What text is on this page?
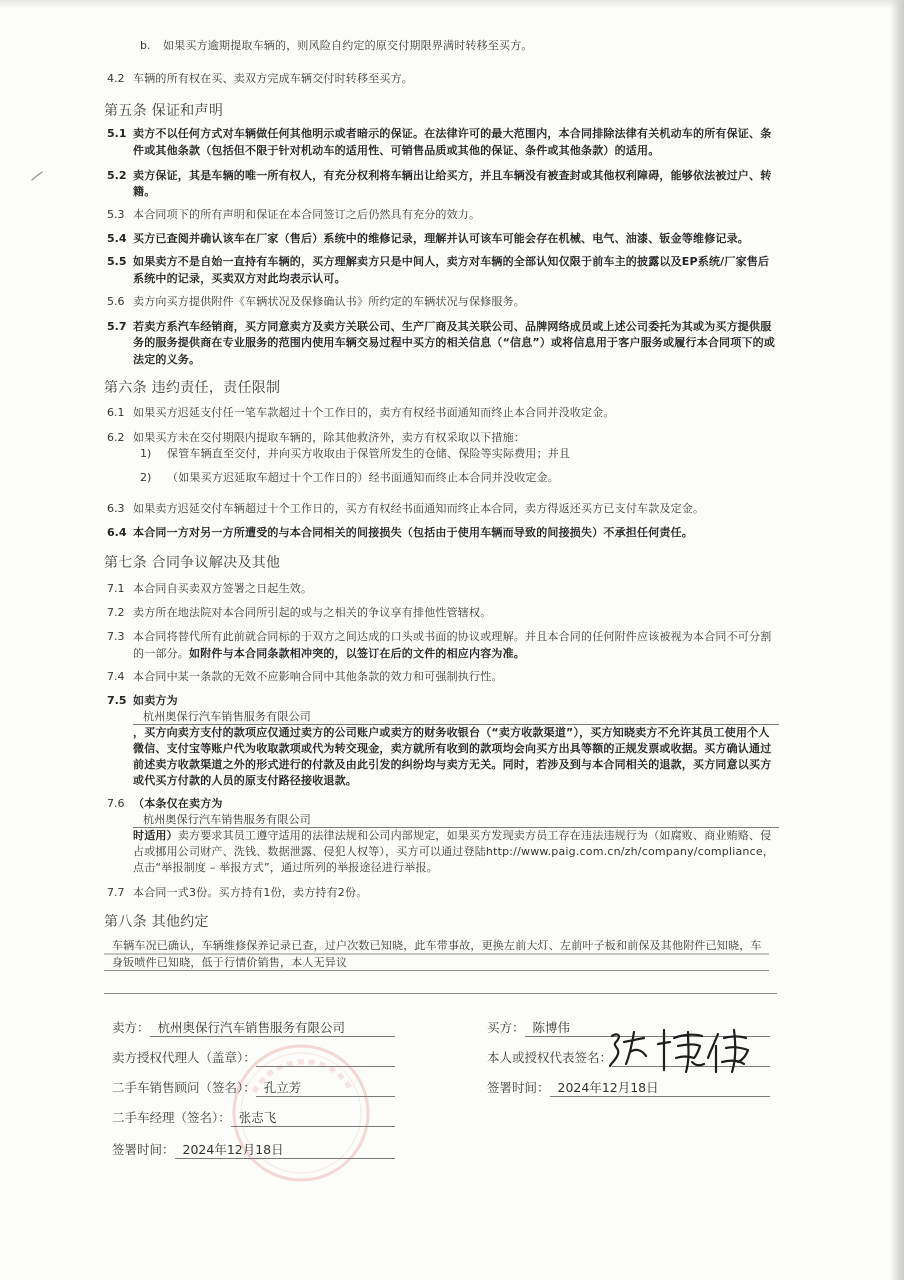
b.	如果买方逾期提取车辆的，则风险自约定的原交付期限界满时转移至买方。
4.2 车辆的所有权在买、卖双方完成车辆交付时转移至买方。
第五条 保证和声明
5.1 卖方不以任何方式对车辆做任何其他明示或者暗示的保证。在法律许可的最大范围内，本合同排除法律有关机动车的所有保证、条件或其他条款（包括但不限于针对机动车的适用性、可销售品质或其他的保证、条件或其他条款）的适用。
5.2 卖方保证，其是车辆的唯一所有权人，有充分权利将车辆出让给买方，并且车辆没有被查封或其他权利障碍，能够依法被过户、转籍。
5.3 本合同项下的所有声明和保证在本合同签订之后仍然具有充分的效力。
5.4 买方已查阅并确认该车在厂家（售后）系统中的维修记录，理解并认可该车可能会存在机械、电气、油漆、钣金等维修记录。
5.5 如果卖方不是自始一直持有车辆的，买方理解卖方只是中间人，卖方对车辆的全部认知仅限于前车主的披露以及EP系统/厂家售后系统中的记录，买卖双方对此均表示认可。
5.6 卖方向买方提供附件《车辆状况及保修确认书》所约定的车辆状况与保修服务。
5.7 若卖方系汽车经销商，买方同意卖方及卖方关联公司、生产厂商及其关联公司、品牌网络成员或上述公司委托为其或为买方提供服务的服务提供商在专业服务的范围内使用车辆交易过程中买方的相关信息（“信息”）或将信息用于客户服务或履行本合同项下的或法定的义务。
第六条 违约责任，责任限制
6.1 如果买方迟延支付任一笔车款超过十个工作日的，卖方有权经书面通知而终止本合同并没收定金。
6.2 如果买方未在交付期限内提取车辆的，除其他救济外，卖方有权采取以下措施：
1)	保管车辆直至交付，并向买方收取由于保管所发生的仓储、保险等实际费用；并且
2)	（如果买方迟延取车超过十个工作日的）经书面通知而终止本合同并没收定金。
6.3 如果卖方迟延交付车辆超过十个工作日的，买方有权经书面通知而终止本合同，卖方得返还买方已支付车款及定金。
6.4 本合同一方对另一方所遭受的与本合同相关的间接损失（包括由于使用车辆而导致的间接损失）不承担任何责任。
第七条 合同争议解决及其他
7.1 本合同自买卖双方签署之日起生效。
7.2 卖方所在地法院对本合同所引起的或与之相关的争议享有排他性管辖权。
7.3 本合同将替代所有此前就合同标的于双方之间达成的口头或书面的协议或理解。并且本合同的任何附件应该被视为本合同不可分割的一部分。如附件与本合同条款相冲突的，以签订在后的文件的相应内容为准。
7.4 本合同中某一条款的无效不应影响合同中其他条款的效力和可强制执行性。
7.5 如卖方为
杭州奥保行汽车销售服务有限公司
，买方向卖方支付的款项应仅通过卖方的公司账户或卖方的财务收银台（“卖方收款渠道”），买方知晓卖方不允许其员工使用个人微信、支付宝等账户代为收取款项或代为转交现金，卖方就所有收到的款项均会向买方出具等额的正规发票或收据。买方确认通过前述卖方收款渠道之外的形式进行的付款及由此引发的纠纷均与卖方无关。同时，若涉及到与本合同相关的退款，买方同意以买方或代买方付款的人员的原支付路径接收退款。
7.6 （本条仅在卖方为
杭州奥保行汽车销售服务有限公司
时适用）卖方要求其员工遵守适用的法律法规和公司内部规定，如果买方发现卖方员工存在违法违规行为（如腐败、商业贿赂、侵占或挪用公司财产、洗钱、数据泄露、侵犯人权等），买方可以通过登陆http://www.paig.com.cn/zh/company/compliance，点击“举报制度 – 举报方式”，通过所列的举报途径进行举报。
7.7 本合同一式3份。买方持有1份，卖方持有2份。
第八条 其他约定
车辆车况已确认，车辆维修保养记录已查，过户次数已知晓，此车带事故，更换左前大灯、左前叶子板和前保及其他附件已知晓，车身钣喷件已知晓，低于行情价销售，本人无异议
卖方： 杭州奥保行汽车销售服务有限公司
卖方授权代理人（盖章）：
二手车销售顾问（签名）： 孔立芳
二手车经理（签名）： 张志飞
签署时间： 2024年12月18日
买方： 陈博伟
本人或授权代表签名：
签署时间： 2024年12月18日
